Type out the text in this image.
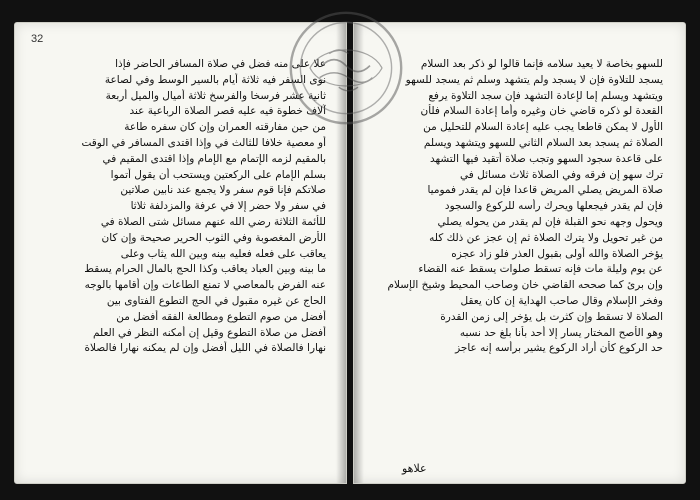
32
علا على منه فضل في صلاة المسافر الحاضر فإذا
نوى السفر فيه ثلاثة أيام بالسير الوسط وفي لصاعة
ثانية عشر فرسخا والفرسخ ثلاثة أميال والميل أربعة
آلاف خطوة فيه عليه قصر الصلاة الرباعية عند
من حين مفارقته العمران وإن كان سفره طاعة
أو معصية خلافا للثالث في وإذا اقتدى المسافر في الوقت
بالمقيم لزمه الإتمام مع الإمام وإذا اقتدى المقيم في
بسلم الإمام على الركعتين ويستحب أن يقول أتموا
صلاتكم فإنا قوم سفر ولا يجمع عند نابين صلاتين
في سفر ولا حضر إلا في عرفة والمزدلفة ثلاثا
للأئمة الثلاثة رضي الله عنهم مسائل شتى الصلاة في
الأرض المغصوبة وفي الثوب الحرير صحيحة وإن كان
يعاقب على فعله فعليه بينه وبين الله يثاب وعلى
ما بينه وبين العباد يعاقب وكذا الحج بالمال الحرام يسقط
عنه الفرض بالمعاصي لا تمنع الطاعات وإن أقامها بالوجه
الحاج عن غيره مقبول في الحج التطوع الفتاوى بين
أفضل من صوم التطوع ومطالعة الفقه أفضل من
أفضل من صلاة التطوع وقيل إن أمكنه النظر في العلم
نهارا فالصلاة في الليل أفضل وإن لم يمكنه نهارا فالصلاة
للسهو بخاصة لا يعيد سلامه فإنما قالوا لو ذكر بعد السلام
يسجد للتلاوة فإن لا يسجد ولم يتشهد وسلم ثم يسجد للسهو
ويتشهد ويسلم إما لإعادة التشهد فإن سجد التلاوة يرفع
القعدة لو ذكره قاضي خان وغيره وأما إعادة السلام فلأن
الأول لا يمكن قاطعا يجب عليه إعادة السلام للتحليل من
الصلاة ثم يسجد بعد السلام الثاني للسهو ويتشهد ويسلم
على قاعدة سجود السهو وتجب صلاة أتقيد فيها التشهد
ترك سهو إن فرقه وفي الصلاة ثلاث مسائل في
صلاة المريض يصلي المريض قاعدا فإن لم يقدر فموميا
فإن لم يقدر فيجعلها ويحرك رأسه للركوع والسجود
ويحول وجهه نحو القبلة فإن لم يقدر من يحوله يصلي
من غير تحويل ولا يترك الصلاة ثم إن عجز عن ذلك كله
يؤخر الصلاة والله أولى بقبول العذر فلو زاد عجزه
عن يوم وليلة مات فإنه تسقط صلوات يسقط عنه القضاء
وإن برئ كما صححه القاضي خان وصاحب المحيط وشيخ الإسلام
وفخر الإسلام وقال صاحب الهداية إن كان يعقل
الصلاة لا تسقط وإن كثرت بل يؤخر إلى زمن القدرة
وهو الأصح المختار يسار إلا أحد بأنا بلغ حد نسبه
حد الركوع كأن أراد الركوع يشير برأسه إنه عاجز
علاهو
